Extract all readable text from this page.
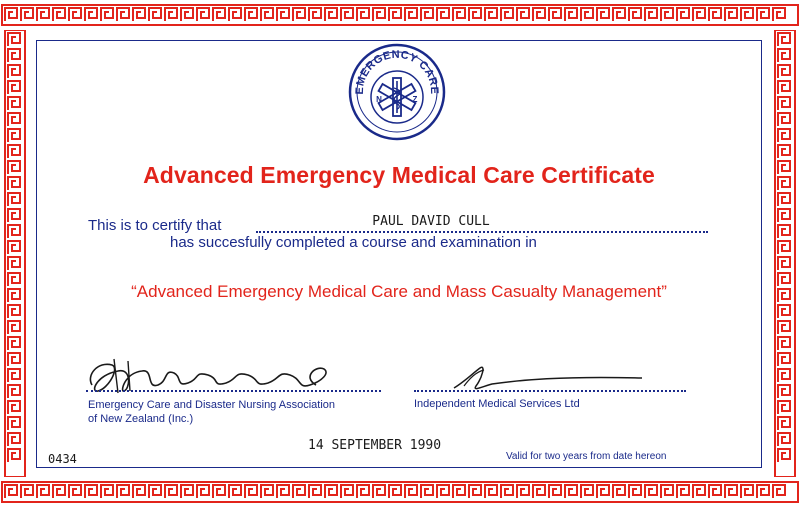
EMERGENCY CARE
N	Z
Advanced Emergency Medical Care Certificate
This is to certify that	PAUL DAVID CULL
has succesfully completed a course and examination in
“Advanced Emergency Medical Care and Mass Casualty Management”
Emergency Care and Disaster Nursing Association
of New Zealand (Inc.)
Independent Medical Services Ltd
14 SEPTEMBER 1990
0434	Valid for two years from date hereon
